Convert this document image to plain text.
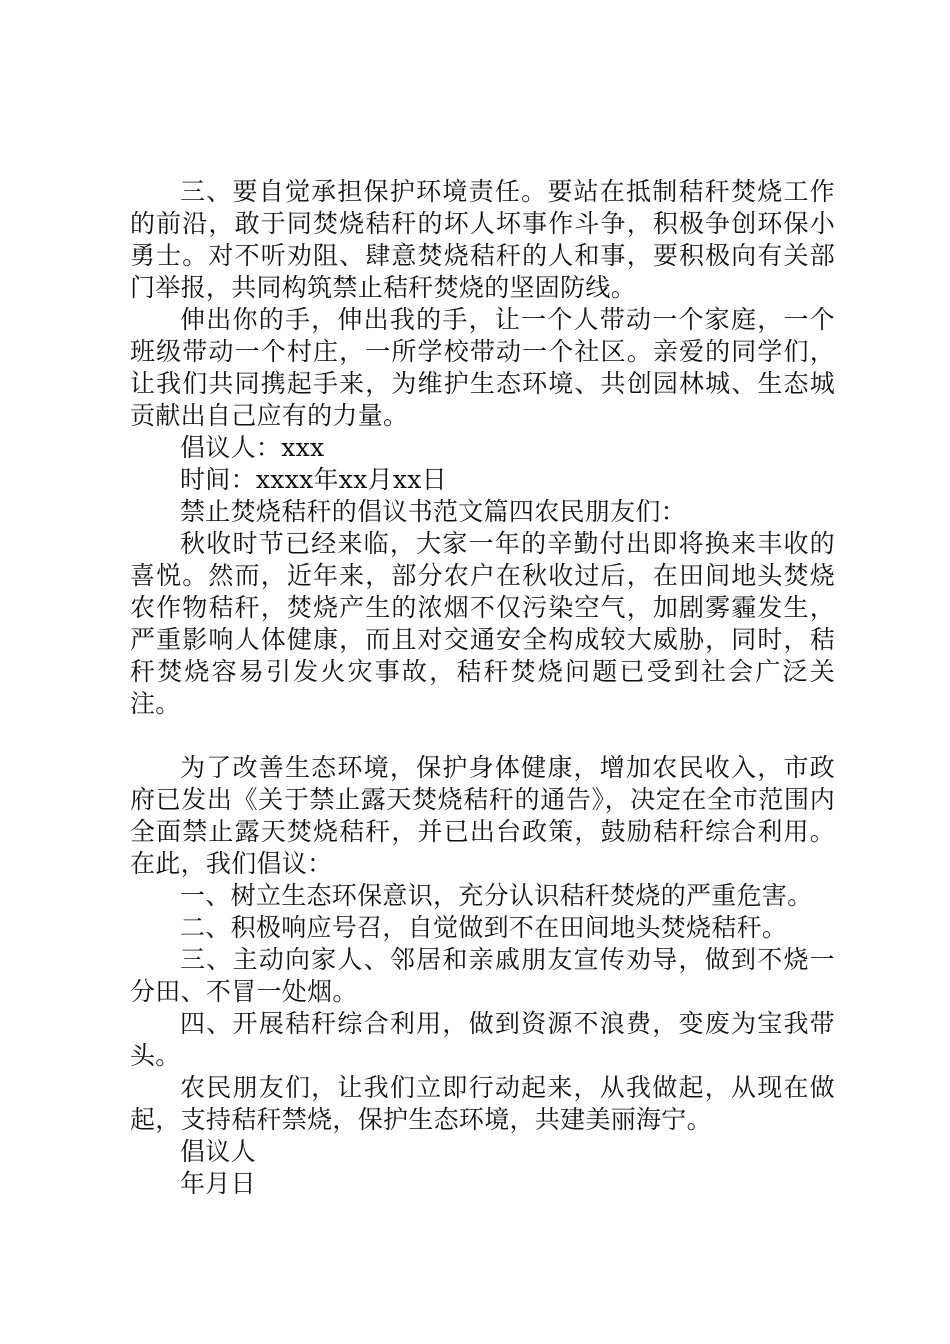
三、要自觉承担保护环境责任。要站在抵制秸秆焚烧工作的前沿，敢于同焚烧秸秆的坏人坏事作斗争，积极争创环保小勇士。对不听劝阻、肆意焚烧秸秆的人和事，要积极向有关部门举报，共同构筑禁止秸秆焚烧的坚固防线。

伸出你的手，伸出我的手，让一个人带动一个家庭，一个班级带动一个村庄，一所学校带动一个社区。亲爱的同学们，让我们共同携起手来，为维护生态环境、共创园林城、生态城贡献出自己应有的力量。

倡议人：xxx

时间：xxxx年xx月xx日

禁止焚烧秸秆的倡议书范文篇四农民朋友们：

秋收时节已经来临，大家一年的辛勤付出即将换来丰收的喜悦。然而，近年来，部分农户在秋收过后，在田间地头焚烧农作物秸秆，焚烧产生的浓烟不仅污染空气，加剧雾霾发生，严重影响人体健康，而且对交通安全构成较大威胁，同时，秸秆焚烧容易引发火灾事故，秸秆焚烧问题已受到社会广泛关注。

为了改善生态环境，保护身体健康，增加农民收入，市政府已发出《关于禁止露天焚烧秸秆的通告》，决定在全市范围内全面禁止露天焚烧秸秆，并已出台政策，鼓励秸秆综合利用。在此，我们倡议：

一、树立生态环保意识，充分认识秸秆焚烧的严重危害。

二、积极响应号召，自觉做到不在田间地头焚烧秸秆。

三、主动向家人、邻居和亲戚朋友宣传劝导，做到不烧一分田、不冒一处烟。

四、开展秸秆综合利用，做到资源不浪费，变废为宝我带头。

农民朋友们，让我们立即行动起来，从我做起，从现在做起，支持秸秆禁烧，保护生态环境，共建美丽海宁。

倡议人

年月日
